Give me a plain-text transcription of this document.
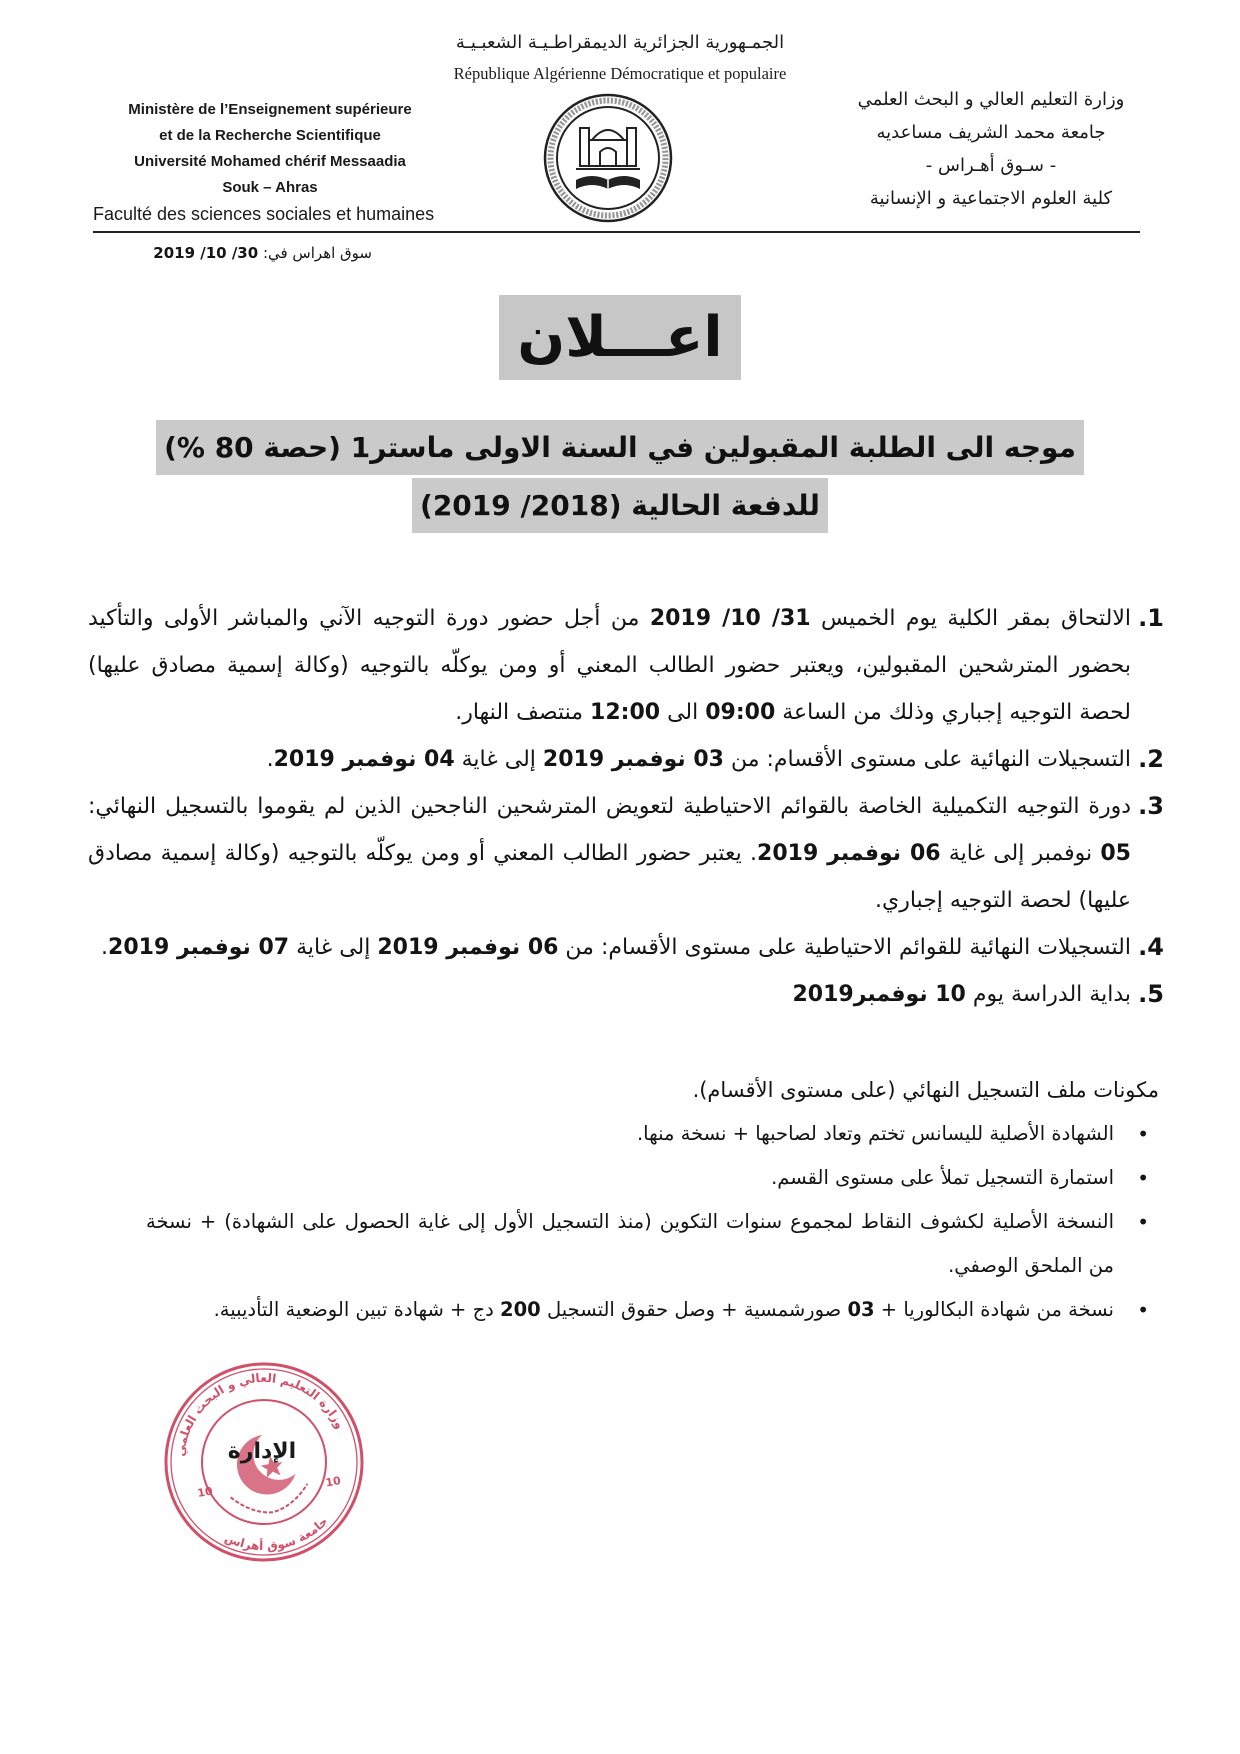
الجمـهورية الجزائرية الديمقراطـيـة الشعبـيـة
République Algérienne Démocratique et populaire
Ministère de l’Enseignement supérieure
et de la Recherche Scientifique
Université Mohamed chérif Messaadia
Souk – Ahras
Faculté des sciences sociales et humaines
وزارة التعليم العالي و البحث العلمي
جامعة محمد الشريف مساعديه
- سـوق أهـراس -
كلية العلوم الاجتماعية و الإنسانية
سوق اهراس في: 30/ 10/ 2019
اعـــلان
موجه الى الطلبة المقبولين في السنة الاولى ماستر1 (حصة 80 %)
للدفعة الحالية (2018/ 2019)
1.

الالتحاق بمقر الكلية يوم الخميس 31/ 10/ 2019 من أجل حضور دورة التوجيه الآني والمباشر الأولى والتأكيد بحضور المترشحين المقبولين، ويعتبر حضور الطالب المعني أو ومن يوكلّه بالتوجيه (وكالة إسمية مصادق عليها) لحصة التوجيه إجباري وذلك من الساعة 09:00 الى 12:00 منتصف النهار.

2.

التسجيلات النهائية على مستوى الأقسام: من 03 نوفمبر 2019 إلى غاية 04 نوفمبر 2019.

3.

دورة التوجيه التكميلية الخاصة بالقوائم الاحتياطية لتعويض المترشحين الناجحين الذين لم يقوموا بالتسجيل النهائي: 05 نوفمبر إلى غاية 06 نوفمبر 2019. يعتبر حضور الطالب المعني أو ومن يوكلّه بالتوجيه (وكالة إسمية مصادق عليها) لحصة التوجيه إجباري.

4.

التسجيلات النهائية للقوائم الاحتياطية على مستوى الأقسام: من 06 نوفمبر 2019 إلى غاية 07 نوفمبر 2019.

5.

بداية الدراسة يوم 10 نوفمبر2019

مكونات ملف التسجيل النهائي (على مستوى الأقسام).
•
الشهادة الأصلية لليسانس تختم وتعاد لصاحبها + نسخة منها.
•
استمارة التسجيل تملأ على مستوى القسم.
•
النسخة الأصلية لكشوف النقاط لمجموع سنوات التكوين (منذ التسجيل الأول إلى غاية الحصول على الشهادة) + نسخة من الملحق الوصفي.
•
نسخة من شهادة البكالوريا + 03 صورشمسية + وصل حقوق التسجيل 200 دج + شهادة تبين الوضعية التأديبية.
وزارة التعليم العالي و البحث العلمي
جامعة سوق أهراس
10
10
الإدارة
